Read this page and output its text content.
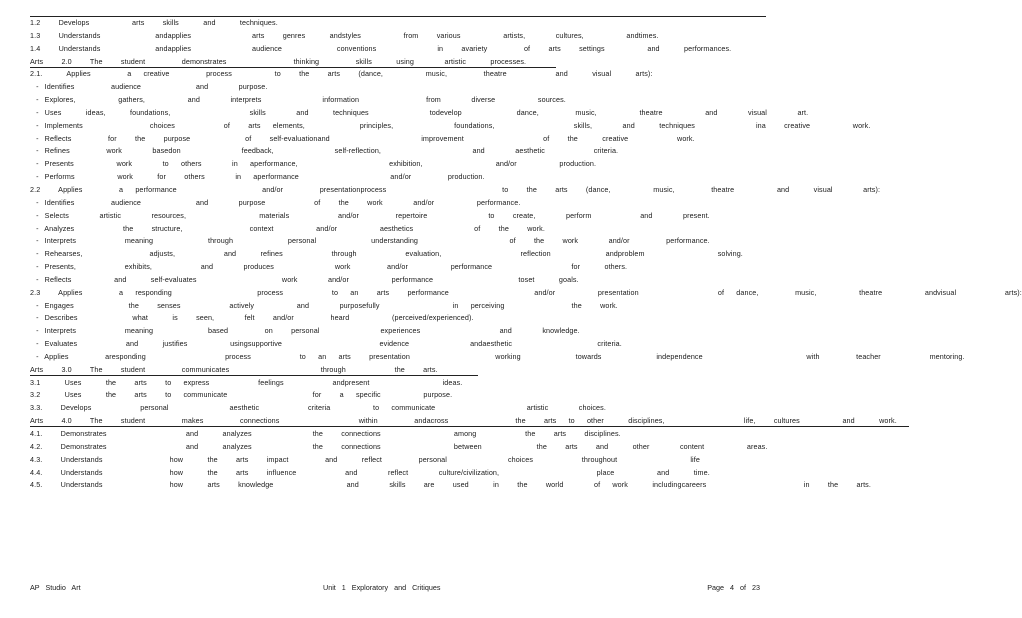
1.2   Develops       arts   skills    and    techniques.
1.3   Understands         andapplies          arts   genres    andstyles       from   various       artists,     cultures,       andtimes.
1.4   Understands         andapplies          audience         conventions          in   avariety      of   arts   settings       and    performances.
Arts   2.0   The   student      demonstrates           thinking      skills    using     artistic    processes.
2.1.    Applies      a  creative      process       to   the   arts   (dance,       music,      theatre        and    visual    arts):
- Identifies      audience         and     purpose.
- Explores,       gathers,       and     interprets          information           from     diverse       sources.
- Uses    ideas,    foundations,             skills     and    techniques          todevelop         dance,      music,       theatre       and     visual     art.
- Implements           choices        of   arts  elements,         principles,          foundations,             skills,     and    techniques          ina   creative       work.
- Reflects      for   the   purpose         of   self-evaluationand               improvement             of   the    creative        work.
- Refines      work     basedon          feedback,          self-reflection,               and     aesthetic        criteria.
- Presents       work     to  others     in  aperformance,               exhibition,            and/or       production.
- Performs       work    for   others     in  aperformance               and/or      production.
2.2   Applies      a  performance              and/or      presentationprocess                   to   the   arts   (dance,       music,      theatre       and    visual     arts):
- Identifies      audience         and     purpose        of   the   work     and/or       performance.
- Selects     artistic     resources,            materials        and/or      repertoire          to   create,     perform        and     present.
- Analyzes        the   structure,           context       and/or       aesthetics          of   the   work.
- Interprets        meaning         through         personal         understanding               of   the   work     and/or      performance.
- Rehearses,           adjusts,        and    refines        through        evaluation,             reflection         andproblem            solving.
- Presents,        exhibits,        and     produces          work      and/or       performance             for    others.
- Reflects       and    self-evaluates              work     and/or       performance              toset    goals.
2.3   Applies      a  responding              process        to  an   arts   performance              and/or       presentation             of  dance,      music,       theatre       andvisual        arts):
- Engages         the   senses        actively       and     purposefully            in  perceiving           the   work.
- Describes         what    is   seen,     felt   and/or      heard       (perceived/experienced).
- Interprets        meaning         based      on   personal          experiences             and     knowledge.
- Evaluates        and    justifies       usingsupportive                evidence          andaesthetic              criteria.
- Applies      aresponding             process        to  an  arts   presentation              working         towards         independence                 with      teacher        mentoring.
Arts   3.0   The   student      communicates               through        the   arts.
3.1    Uses    the   arts   to  express        feelings        andpresent            ideas.
3.2    Uses    the   arts   to  communicate              for   a  specific       purpose.
3.3.   Develops        personal          aesthetic        criteria       to  communicate               artistic     choices.
Arts   4.0   The   student      makes      connections             within      andacross           the   arts  to  other    disciplines,             life,   cultures       and    work.
4.1.   Demonstrates             and    analyzes          the   connections            among        the   arts   disciplines.
4.2.   Demonstrates             and    analyzes          the   connections            between         the   arts   and    other     content       areas.
4.3.   Understands           how    the   arts   impact      and    reflect      personal          choices        throughout            life
4.4.   Understands           how    the   arts   influence        and     reflect     culture/civilization,                place       and    time.
4.5.   Understands           how    arts   knowledge            and     skills   are   used    in   the   world     of  work    includingcareers                in   the   arts.
AP Studio Art	Unit 1 Exploratory and Critiques	Page 4 of 23
